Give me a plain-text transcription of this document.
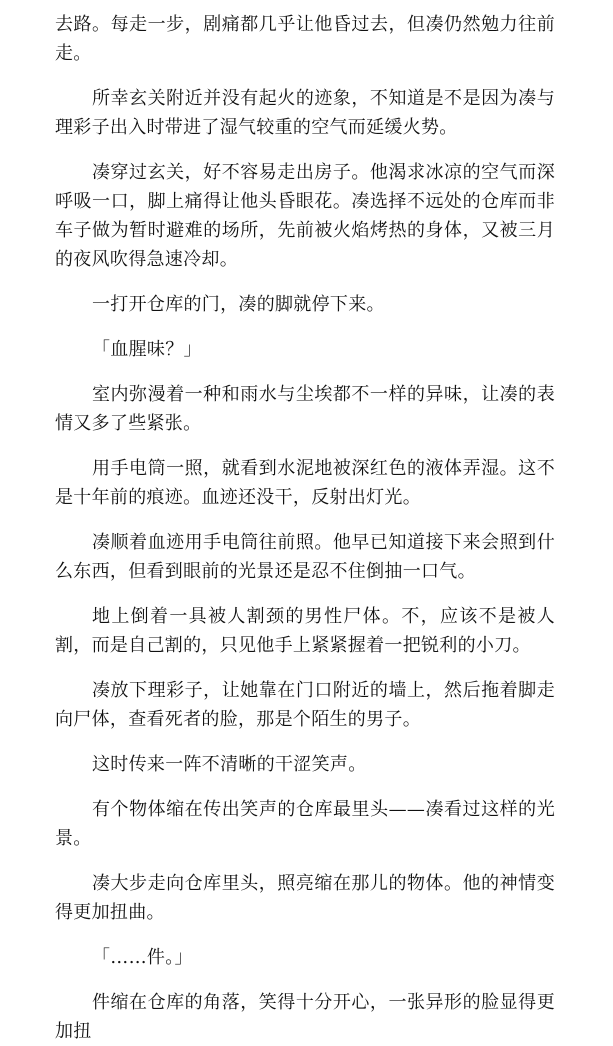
去路。每走一步，剧痛都几乎让他昏过去，但凑仍然勉力往前走。

所幸玄关附近并没有起火的迹象，不知道是不是因为凑与理彩子出入时带进了湿气较重的空气而延缓火势。

凑穿过玄关，好不容易走出房子。他渴求冰凉的空气而深呼吸一口，脚上痛得让他头昏眼花。凑选择不远处的仓库而非车子做为暂时避难的场所，先前被火焰烤热的身体，又被三月的夜风吹得急速冷却。

一打开仓库的门，凑的脚就停下来。

「血腥味？」

室内弥漫着一种和雨水与尘埃都不一样的异味，让凑的表情又多了些紧张。

用手电筒一照，就看到水泥地被深红色的液体弄湿。这不是十年前的痕迹。血迹还没干，反射出灯光。

凑顺着血迹用手电筒往前照。他早已知道接下来会照到什么东西，但看到眼前的光景还是忍不住倒抽一口气。

地上倒着一具被人割颈的男性尸体。不，应该不是被人割，而是自己割的，只见他手上紧紧握着一把锐利的小刀。

凑放下理彩子，让她靠在门口附近的墙上，然后拖着脚走向尸体，查看死者的脸，那是个陌生的男子。

这时传来一阵不清晰的干涩笑声。

有个物体缩在传出笑声的仓库最里头——凑看过这样的光景。

凑大步走向仓库里头，照亮缩在那儿的物体。他的神情变得更加扭曲。

「……件。」

件缩在仓库的角落，笑得十分开心，一张异形的脸显得更加扭
